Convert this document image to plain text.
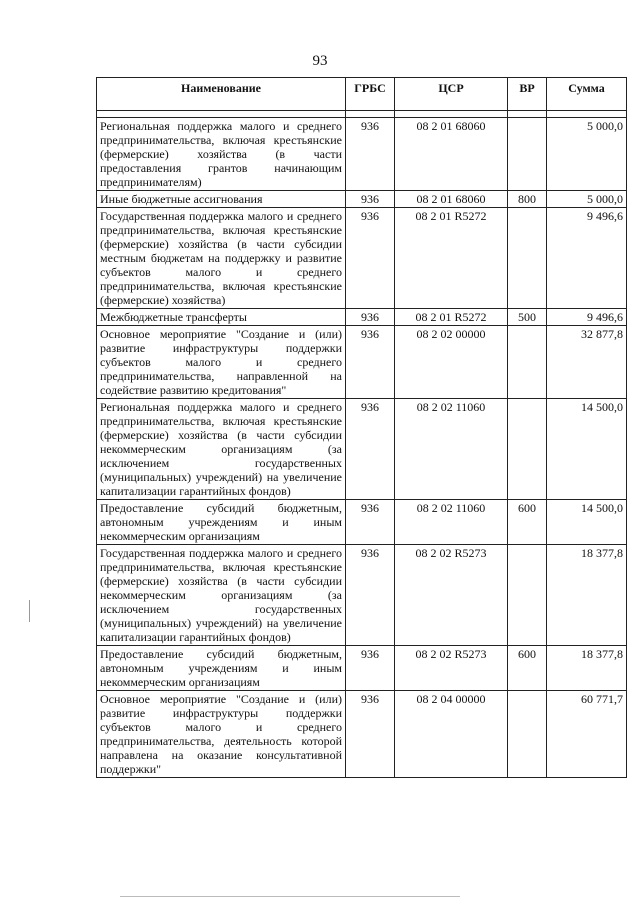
93
Наименование	ГРБС	ЦСР	ВР	Сумма

Региональная поддержка малого и среднего предпринимательства, включая крестьянские (фермерские) хозяйства (в части предоставления грантов начинающим предпринимателям)	936	08 2 01 68060		5 000,0
Иные бюджетные ассигнования	936	08 2 01 68060	800	5 000,0
Государственная поддержка малого и среднего предпринимательства, включая крестьянские (фермерские) хозяйства (в части субсидии местным бюджетам на поддержку и развитие субъектов малого и среднего предпринимательства, включая крестьянские (фермерские) хозяйства)	936	08 2 01 R5272		9 496,6
Межбюджетные трансферты	936	08 2 01 R5272	500	9 496,6
Основное мероприятие "Создание и (или) развитие инфраструктуры поддержки субъектов малого и среднего предпринимательства, направленной на содействие развитию кредитования"	936	08 2 02 00000		32 877,8
Региональная поддержка малого и среднего предпринимательства, включая крестьянские (фермерские) хозяйства (в части субсидии некоммерческим организациям (за исключением государственных (муниципальных) учреждений) на увеличение капитализации гарантийных фондов)	936	08 2 02 11060		14 500,0
Предоставление субсидий бюджетным, автономным учреждениям и иным некоммерческим организациям	936	08 2 02 11060	600	14 500,0
Государственная поддержка малого и среднего предпринимательства, включая крестьянские (фермерские) хозяйства (в части субсидии некоммерческим организациям (за исключением государственных (муниципальных) учреждений) на увеличение капитализации гарантийных фондов)	936	08 2 02 R5273		18 377,8
Предоставление субсидий бюджетным, автономным учреждениям и иным некоммерческим организациям	936	08 2 02 R5273	600	18 377,8
Основное мероприятие "Создание и (или) развитие инфраструктуры поддержки субъектов малого и среднего предпринимательства, деятельность которой направлена на оказание консультативной поддержки"	936	08 2 04 00000		60 771,7
